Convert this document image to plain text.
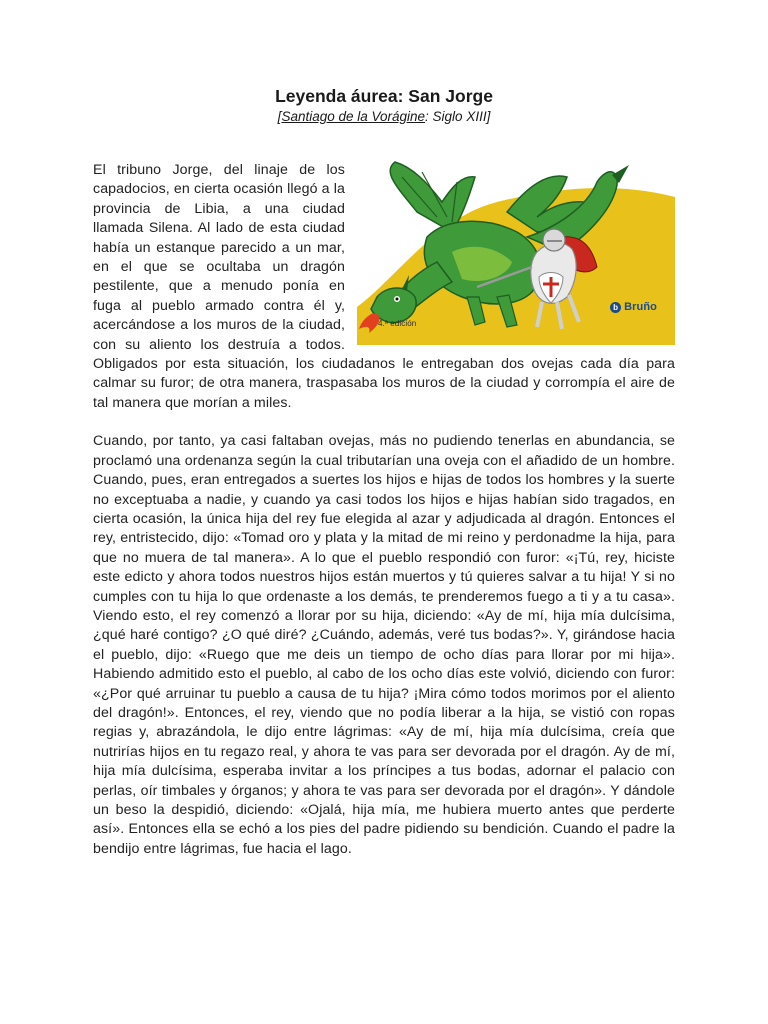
Leyenda áurea: San Jorge
[Santiago de la Vorágine: Siglo XIII]
4.ª edición
b Bruño

El tribuno Jorge, del linaje de los capadocios, en cierta ocasión llegó a la provincia de Libia, a una ciudad llamada Silena. Al lado de esta ciudad había un estanque parecido a un mar, en el que se ocultaba un dragón pestilente, que a menudo ponía en fuga al pueblo armado contra él y, acercándose a los muros de la ciudad, con su aliento los destruía a todos. Obligados por esta situación, los ciudadanos le entregaban dos ovejas cada día para calmar su furor; de otra manera, traspasaba los muros de la ciudad y corrompía el aire de tal manera que morían a miles.

Cuando, por tanto, ya casi faltaban ovejas, más no pudiendo tenerlas en abundancia, se proclamó una ordenanza según la cual tributarían una oveja con el añadido de un hombre. Cuando, pues, eran entregados a suertes los hijos e hijas de todos los hombres y la suerte no exceptuaba a nadie, y cuando ya casi todos los hijos e hijas habían sido tragados, en cierta ocasión, la única hija del rey fue elegida al azar y adjudicada al dragón. Entonces el rey, entristecido, dijo: «Tomad oro y plata y la mitad de mi reino y perdonadme la hija, para que no muera de tal manera». A lo que el pueblo respondió con furor: «¡Tú, rey, hiciste este edicto y ahora todos nuestros hijos están muertos y tú quieres salvar a tu hija! Y si no cumples con tu hija lo que ordenaste a los demás, te prenderemos fuego a ti y a tu casa». Viendo esto, el rey comenzó a llorar por su hija, diciendo: «Ay de mí, hija mía dulcísima, ¿qué haré contigo? ¿O qué diré? ¿Cuándo, además, veré tus bodas?». Y, girándose hacia el pueblo, dijo: «Ruego que me deis un tiempo de ocho días para llorar por mi hija». Habiendo admitido esto el pueblo, al cabo de los ocho días este volvió, diciendo con furor: «¿Por qué arruinar tu pueblo a causa de tu hija? ¡Mira cómo todos morimos por el aliento del dragón!». Entonces, el rey, viendo que no podía liberar a la hija, se vistió con ropas regias y, abrazándola, le dijo entre lágrimas: «Ay de mí, hija mía dulcísima, creía que nutrirías hijos en tu regazo real, y ahora te vas para ser devorada por el dragón. Ay de mí, hija mía dulcísima, esperaba invitar a los príncipes a tus bodas, adornar el palacio con perlas, oír timbales y órganos; y ahora te vas para ser devorada por el dragón». Y dándole un beso la despidió, diciendo: «Ojalá, hija mía, me hubiera muerto antes que perderte así». Entonces ella se echó a los pies del padre pidiendo su bendición. Cuando el padre la bendijo entre lágrimas, fue hacia el lago.
